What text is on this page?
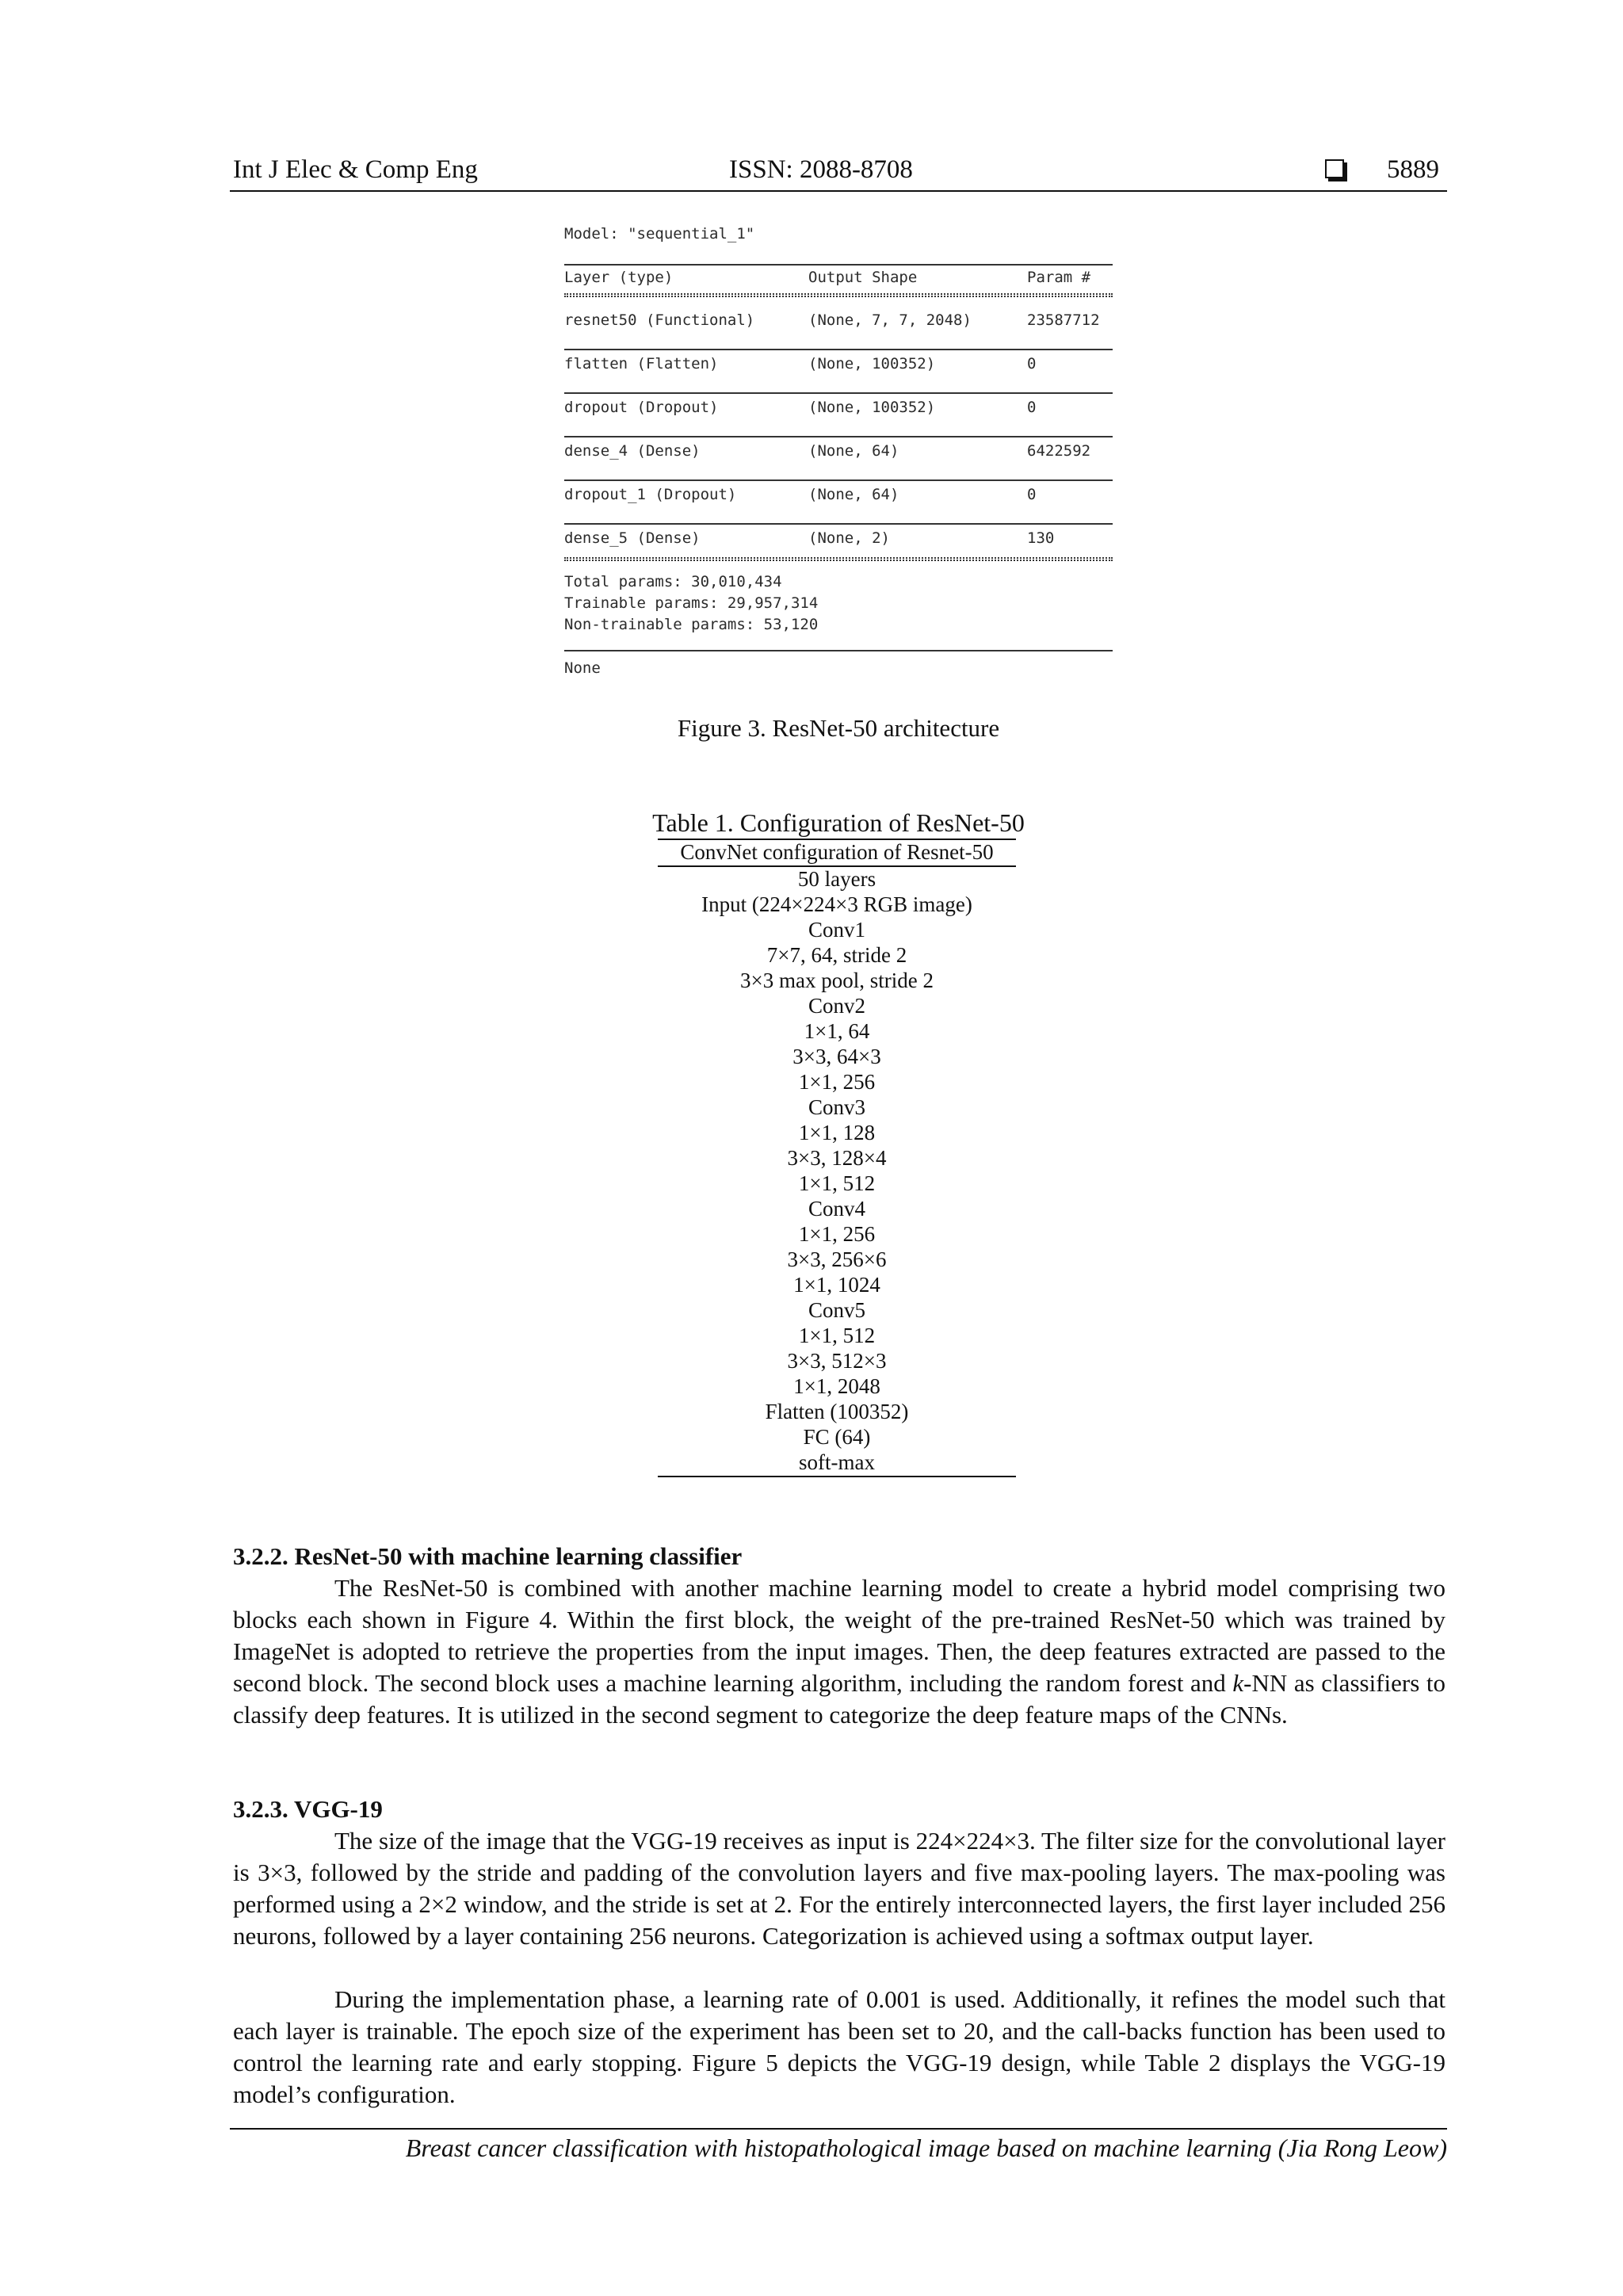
Int J Elec & Comp Eng	ISSN: 2088-8708	5889
Model: "sequential_1"
Layer (type)	Output Shape	Param #
resnet50 (Functional)	(None, 7, 7, 2048)	23587712
flatten (Flatten)	(None, 100352)	0
dropout (Dropout)	(None, 100352)	0
dense_4 (Dense)	(None, 64)	6422592
dropout_1 (Dropout)	(None, 64)	0
dense_5 (Dense)	(None, 2)	130
Total params: 30,010,434
Trainable params: 29,957,314
Non-trainable params: 53,120
None
Figure 3. ResNet-50 architecture
Table 1. Configuration of ResNet-50
ConvNet configuration of Resnet-50
50 layers
Input (224×224×3 RGB image)
Conv1
7×7, 64, stride 2
3×3 max pool, stride 2
Conv2
1×1, 64
3×3, 64×3
1×1, 256
Conv3
1×1, 128
3×3, 128×4
1×1, 512
Conv4
1×1, 256
3×3, 256×6
1×1, 1024
Conv5
1×1, 512
3×3, 512×3
1×1, 2048
Flatten (100352)
FC (64)
soft-max
3.2.2. ResNet-50 with machine learning classifier

The ResNet-50 is combined with another machine learning model to create a hybrid model comprising two blocks each shown in Figure 4. Within the first block, the weight of the pre-trained ResNet-50 which was trained by ImageNet is adopted to retrieve the properties from the input images. Then, the deep features extracted are passed to the second block. The second block uses a machine learning algorithm, including the random forest and k-NN as classifiers to classify deep features. It is utilized in the second segment to categorize the deep feature maps of the CNNs.

3.2.3. VGG-19

The size of the image that the VGG-19 receives as input is 224×224×3. The filter size for the convolutional layer is 3×3, followed by the stride and padding of the convolution layers and five max-pooling layers. The max-pooling was performed using a 2×2 window, and the stride is set at 2. For the entirely interconnected layers, the first layer included 256 neurons, followed by a layer containing 256 neurons. Categorization is achieved using a softmax output layer.

During the implementation phase, a learning rate of 0.001 is used. Additionally, it refines the model such that each layer is trainable. The epoch size of the experiment has been set to 20, and the call-backs function has been used to control the learning rate and early stopping. Figure 5 depicts the VGG-19 design, while Table 2 displays the VGG-19 model’s configuration.

Breast cancer classification with histopathological image based on machine learning (Jia Rong Leow)
